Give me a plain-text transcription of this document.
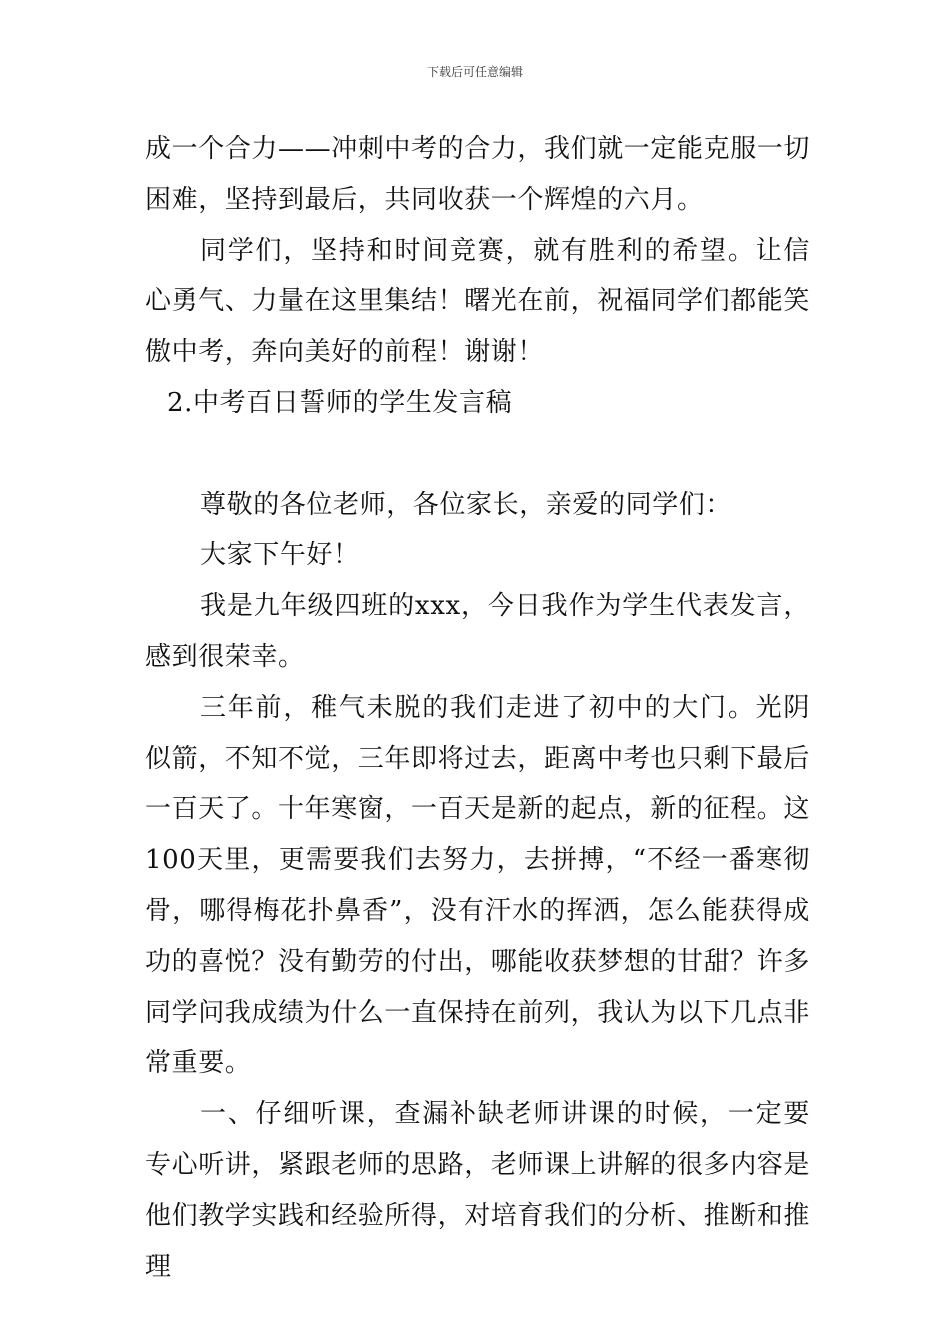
下载后可任意编辑

成一个合力——冲刺中考的合力，我们就一定能克服一切困难，坚持到最后，共同收获一个辉煌的六月。

同学们，坚持和时间竞赛，就有胜利的希望。让信心勇气、力量在这里集结！曙光在前，祝福同学们都能笑傲中考，奔向美好的前程！谢谢！

2.中考百日誓师的学生发言稿

尊敬的各位老师，各位家长，亲爱的同学们：

大家下午好！

我是九年级四班的xxx，今日我作为学生代表发言，感到很荣幸。

三年前，稚气未脱的我们走进了初中的大门。光阴似箭，不知不觉，三年即将过去，距离中考也只剩下最后一百天了。十年寒窗，一百天是新的起点，新的征程。这100天里，更需要我们去努力，去拼搏，“不经一番寒彻骨，哪得梅花扑鼻香”，没有汗水的挥洒，怎么能获得成功的喜悦？没有勤劳的付出，哪能收获梦想的甘甜？许多同学问我成绩为什么一直保持在前列，我认为以下几点非常重要。

一、仔细听课，查漏补缺老师讲课的时候，一定要专心听讲，紧跟老师的思路，老师课上讲解的很多内容是他们教学实践和经验所得，对培育我们的分析、推断和推理
